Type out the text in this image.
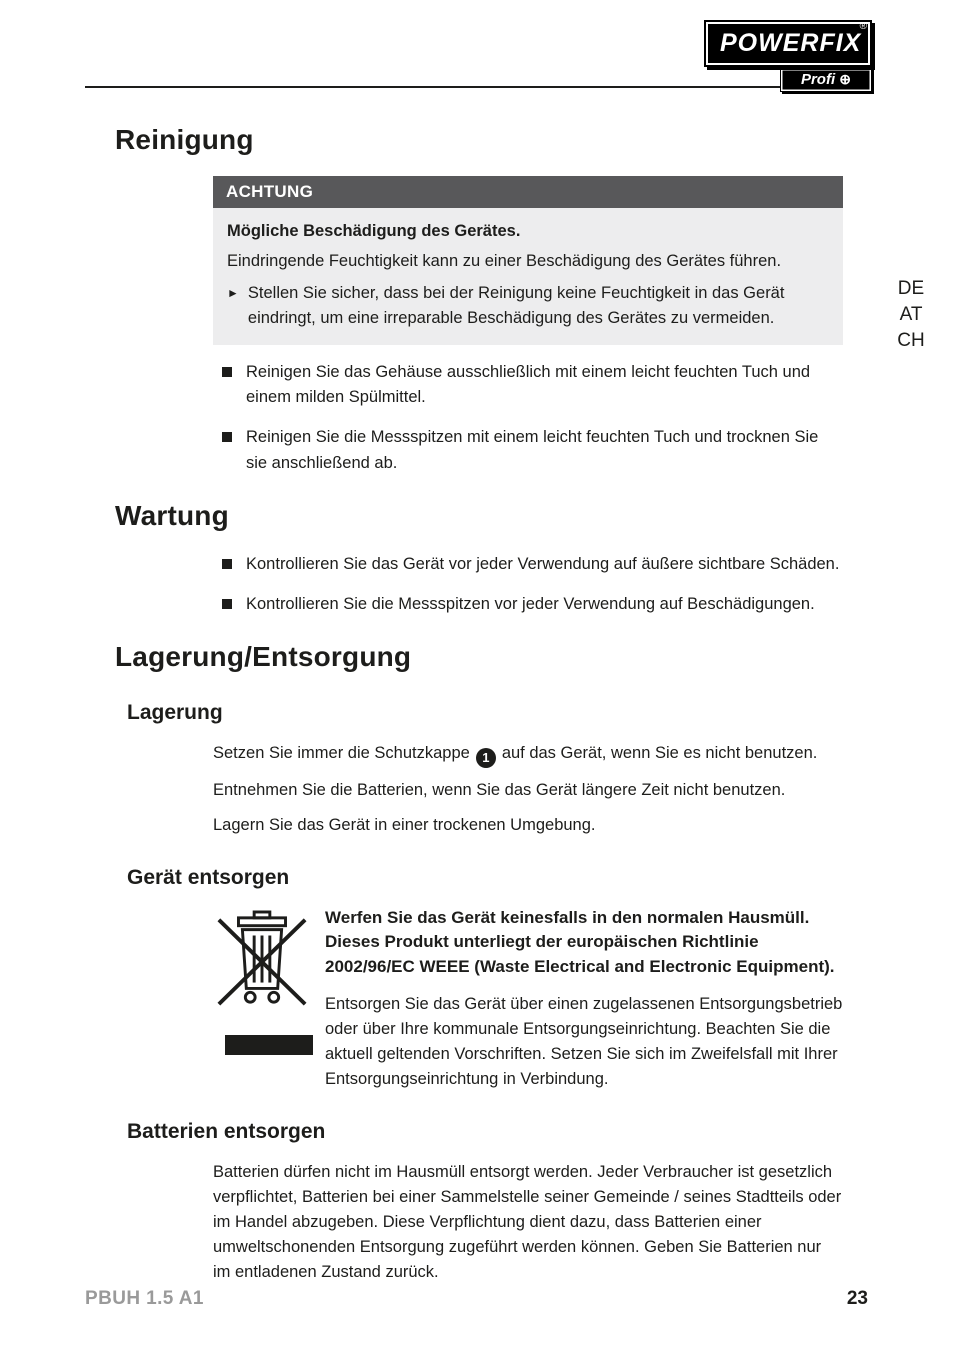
POWERFIX
®
Profi ⊕
DE
AT
CH
Reinigung
ACHTUNG
Mögliche Beschädigung des Gerätes.
Eindringende Feuchtigkeit kann zu einer Beschädigung des Gerätes führen.
► Stellen Sie sicher, dass bei der Reinigung keine Feuchtigkeit in das Gerät eindringt, um eine irreparable Beschädigung des Gerätes zu vermeiden.
Reinigen Sie das Gehäuse ausschließlich mit einem leicht feuchten Tuch und einem milden Spülmittel.
Reinigen Sie die Messspitzen mit einem leicht feuchten Tuch und trocknen Sie sie anschließend ab.
Wartung
Kontrollieren Sie das Gerät vor jeder Verwendung auf äußere sichtbare Schäden.
Kontrollieren Sie die Messspitzen vor jeder Verwendung auf Beschädigungen.
Lagerung/Entsorgung
Lagerung

Setzen Sie immer die Schutzkappe 1 auf das Gerät, wenn Sie es nicht benutzen.

Entnehmen Sie die Batterien, wenn Sie das Gerät längere Zeit nicht benutzen.

Lagern Sie das Gerät in einer trockenen Umgebung.

Gerät entsorgen

Werfen Sie das Gerät keinesfalls in den normalen Hausmüll. Dieses Produkt unterliegt der europäischen Richtlinie 2002/96/EC WEEE (Waste Electrical and Electronic Equipment).

Entsorgen Sie das Gerät über einen zugelassenen Entsorgungsbetrieb oder über Ihre kommunale Entsorgungseinrichtung. Beachten Sie die aktuell geltenden Vorschriften. Setzen Sie sich im Zweifelsfall mit Ihrer Entsorgungseinrichtung in Verbindung.

Batterien entsorgen

Batterien dürfen nicht im Hausmüll entsorgt werden. Jeder Verbraucher ist gesetzlich verpflichtet, Batterien bei einer Sammelstelle seiner Gemeinde / seines Stadtteils oder im Handel abzugeben. Diese Verpflichtung dient dazu, dass Batterien einer umweltschonenden Entsorgung zugeführt werden können. Geben Sie Batterien nur im entladenen Zustand zurück.

PBUH 1.5 A1	23
